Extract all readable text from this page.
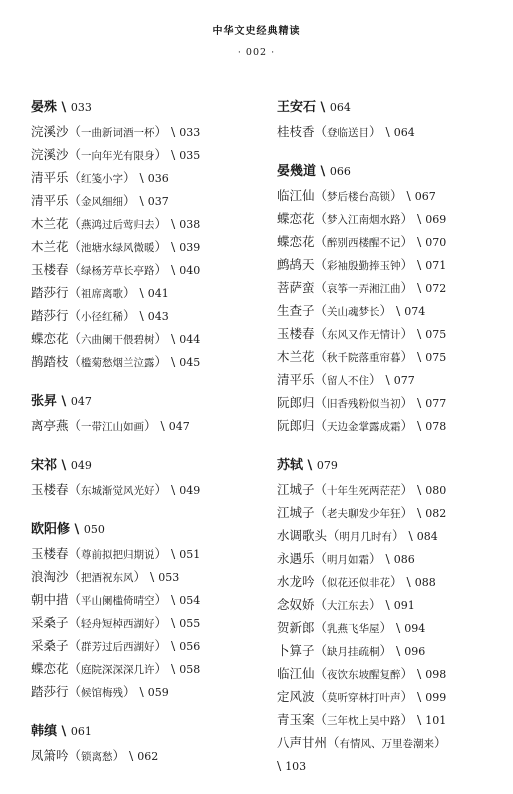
中华文史经典精读
· 002 ·
晏殊 \ 033
浣溪沙（一曲新词酒一杯） \ 033
浣溪沙（一向年光有限身） \ 035
清平乐（红笺小字） \ 036
清平乐（金风细细） \ 037
木兰花（燕鸿过后莺归去） \ 038
木兰花（池塘水绿风微暖） \ 039
玉楼春（绿杨芳草长亭路） \ 040
踏莎行（祖席离歌） \ 041
踏莎行（小径红稀） \ 043
蝶恋花（六曲阑干偎碧树） \ 044
鹊踏枝（槛菊愁烟兰泣露） \ 045
张昇 \ 047
离亭燕（一带江山如画） \ 047
宋祁 \ 049
玉楼春（东城渐觉风光好） \ 049
欧阳修 \ 050
玉楼春（尊前拟把归期说） \ 051
浪淘沙（把酒祝东风） \ 053
朝中措（平山阑槛倚晴空） \ 054
采桑子（轻舟短棹西湖好） \ 055
采桑子（群芳过后西湖好） \ 056
蝶恋花（庭院深深深几许） \ 058
踏莎行（候馆梅残） \ 059
韩缜 \ 061
凤箫吟（锁离愁） \ 062
王安石 \ 064
桂枝香（登临送目） \ 064
晏幾道 \ 066
临江仙（梦后楼台高锁） \ 067
蝶恋花（梦入江南烟水路） \ 069
蝶恋花（醉别西楼醒不记） \ 070
鹧鸪天（彩袖殷勤捧玉钟） \ 071
菩萨蛮（哀筝一弄湘江曲） \ 072
生查子（关山魂梦长） \ 074
玉楼春（东风又作无情计） \ 075
木兰花（秋千院落重帘暮） \ 075
清平乐（留人不住） \ 077
阮郎归（旧香残粉似当初） \ 077
阮郎归（天边金掌露成霜） \ 078
苏轼 \ 079
江城子（十年生死两茫茫） \ 080
江城子（老夫聊发少年狂） \ 082
水调歌头（明月几时有） \ 084
永遇乐（明月如霜） \ 086
水龙吟（似花还似非花） \ 088
念奴娇（大江东去） \ 091
贺新郎（乳燕飞华屋） \ 094
卜算子（缺月挂疏桐） \ 096
临江仙（夜饮东坡醒复醉） \ 098
定风波（莫听穿林打叶声） \ 099
青玉案（三年枕上吴中路） \ 101
八声甘州（有情风、万里卷潮来）
\ 103
